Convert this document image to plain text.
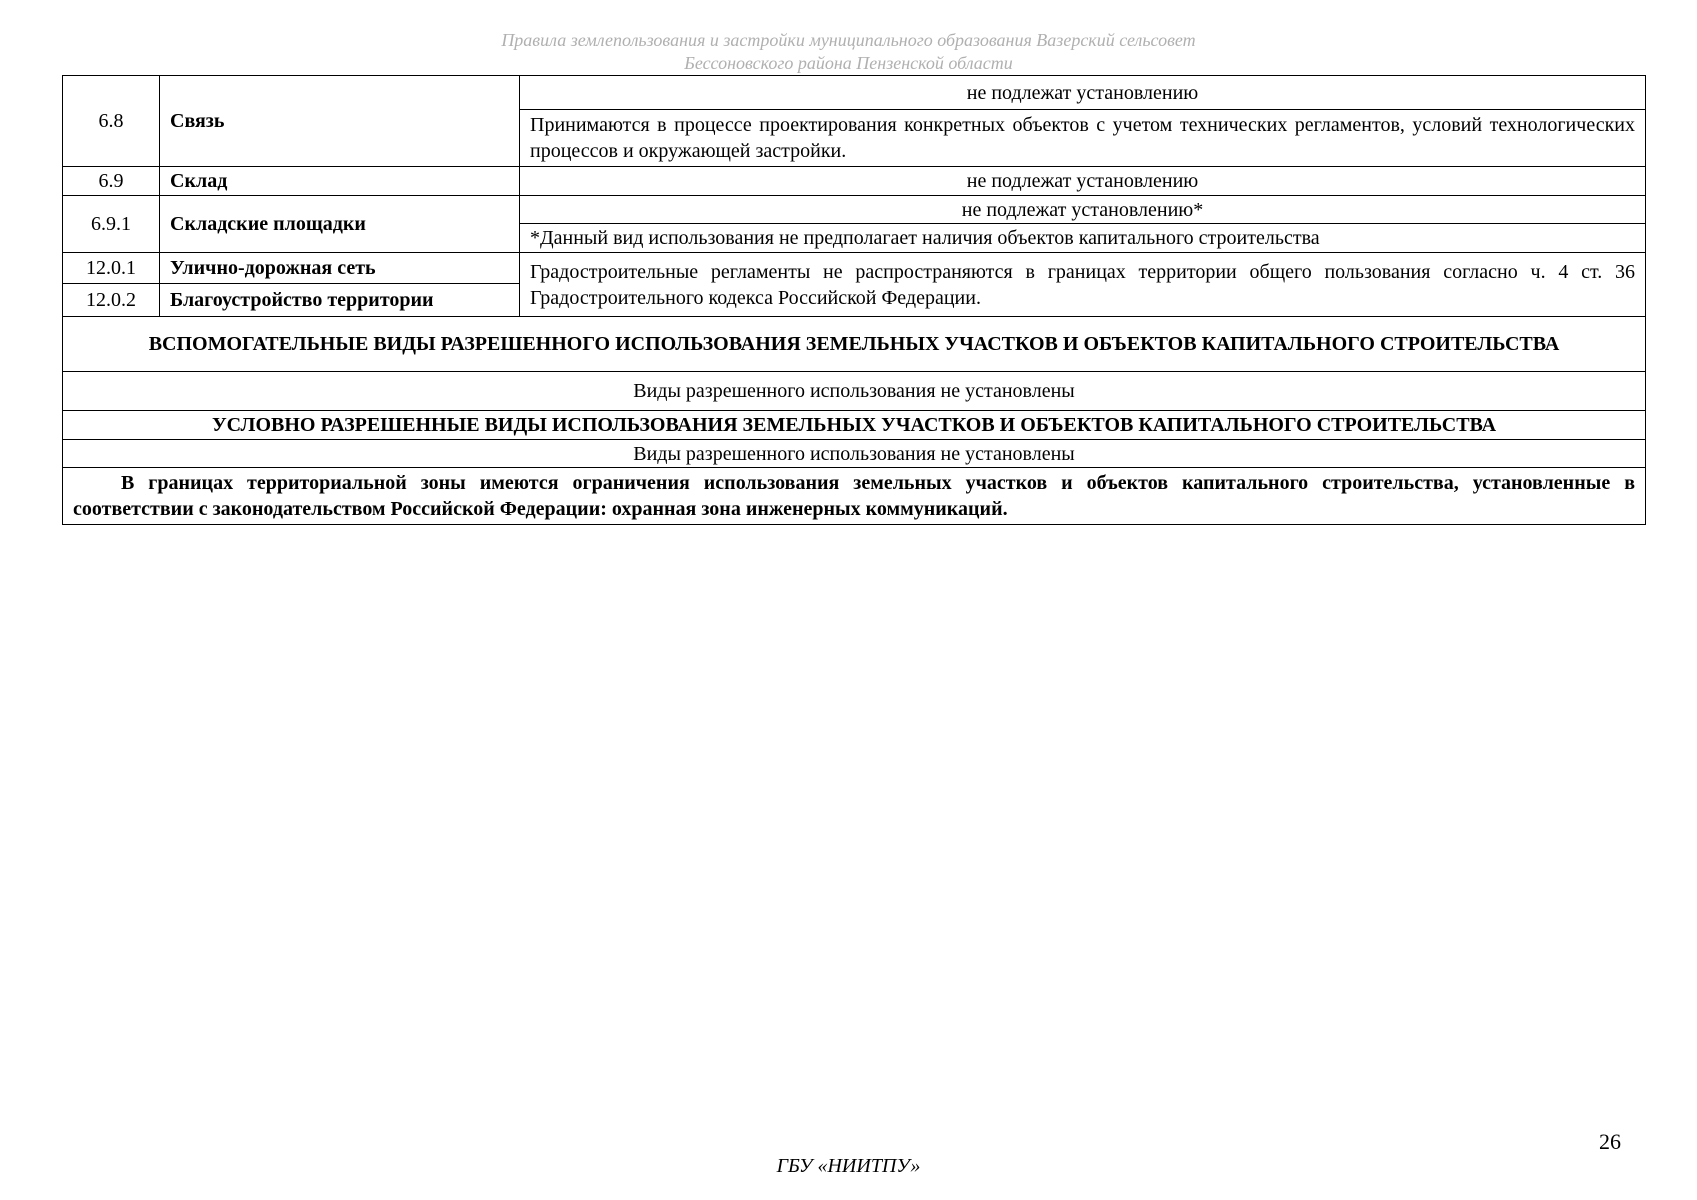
Правила землепользования и застройки муниципального образования Вазерский сельсовет
Бессоновского района Пензенской области
6.8	Связь	не подлежат установлению
		Принимаются в процессе проектирования конкретных объектов с учетом технических регламентов, условий технологических процессов и окружающей застройки.
6.9	Склад	не подлежат установлению
6.9.1	Складские площадки	не подлежат установлению*
		*Данный вид использования не предполагает наличия объектов капитального строительства
12.0.1	Улично-дорожная сеть	Градостроительные регламенты не распространяются в границах территории общего пользования согласно ч. 4 ст. 36 Градостроительного кодекса Российской Федерации.
12.0.2	Благоустройство территории	
ВСПОМОГАТЕЛЬНЫЕ ВИДЫ РАЗРЕШЕННОГО ИСПОЛЬЗОВАНИЯ ЗЕМЕЛЬНЫХ УЧАСТКОВ И ОБЪЕКТОВ КАПИТАЛЬНОГО СТРОИТЕЛЬСТВА		
Виды разрешенного использования не установлены		
УСЛОВНО РАЗРЕШЕННЫЕ ВИДЫ ИСПОЛЬЗОВАНИЯ ЗЕМЕЛЬНЫХ УЧАСТКОВ И ОБЪЕКТОВ КАПИТАЛЬНОГО СТРОИТЕЛЬСТВА		
Виды разрешенного использования не установлены		
В границах территориальной зоны имеются ограничения использования земельных участков и объектов капитального строительства, установленные в соответствии с законодательством Российской Федерации: охранная зона инженерных коммуникаций.		
26
ГБУ «НИИТПУ»
